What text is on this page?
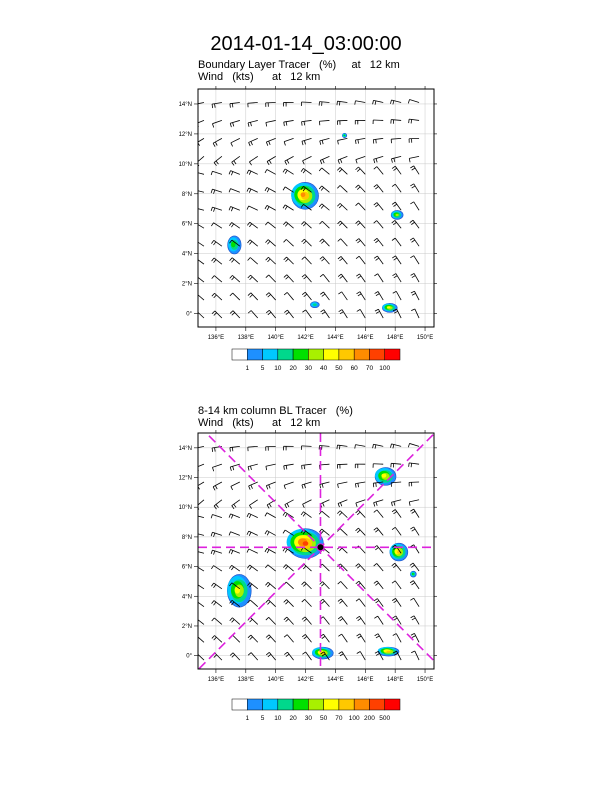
2014-01-14_03:00:00
Boundary Layer Tracer   (%)     at   12 km
Wind   (kts)      at   12 km
8-14 km column BL Tracer   (%)
Wind   (kts)      at   12 km
136°E 138°E 140°E 142°E 144°E 146°E 148°E 150°E
0°
2°N
4°N
6°N
8°N
10°N
12°N
14°N
1 5 10 20 30 40 50 60 70 100
136°E 138°E 140°E 142°E 144°E 146°E 148°E 150°E
0°
2°N
4°N
6°N
8°N
10°N
12°N
14°N
1 5 10 20 30 50 70 100 200 500
